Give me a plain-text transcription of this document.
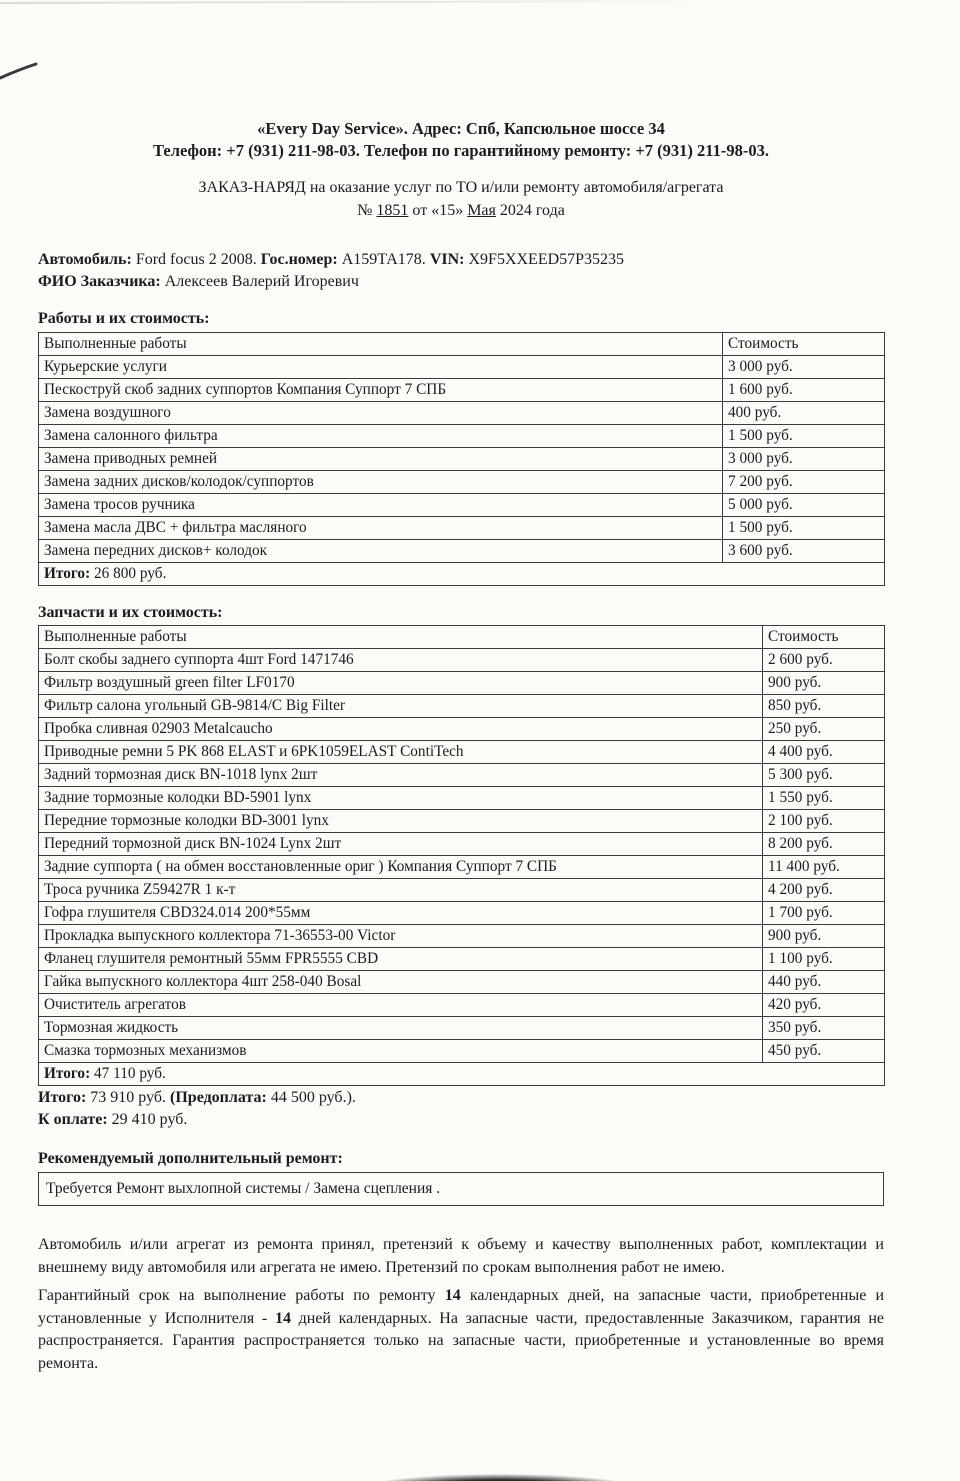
«Every Day Service». Адрес: Спб, Капсюльное шоссе 34
Телефон: +7 (931) 211-98-03. Телефон по гарантийному ремонту: +7 (931) 211-98-03.
ЗАКАЗ-НАРЯД на оказание услуг по ТО и/или ремонту автомобиля/агрегата
№ 1851 от «15» Мая 2024 года
Автомобиль: Ford focus 2 2008. Гос.номер: А159ТА178. VIN: X9F5XXEED57P35235
ФИО Заказчика: Алексеев Валерий Игоревич
Работы и их стоимость:
Выполненные работы	Стоимость
Курьерские услуги	3 000 руб.
Пескоструй скоб задних суппортов Компания Суппорт 7 СПБ	1 600 руб.
Замена воздушного	400 руб.
Замена салонного фильтра	1 500 руб.
Замена приводных ремней	3 000 руб.
Замена задних дисков/колодок/суппортов	7 200 руб.
Замена тросов ручника	5 000 руб.
Замена масла ДВС + фильтра масляного	1 500 руб.
Замена передних дисков+ колодок	3 600 руб.
Итого: 26 800 руб.	
Запчасти и их стоимость:
Выполненные работы	Стоимость
Болт скобы заднего суппорта 4шт Ford 1471746	2 600 руб.
Фильтр воздушный green filter LF0170	900 руб.
Фильтр салона угольный GB-9814/C Big Filter	850 руб.
Пробка сливная 02903 Metalcaucho	250 руб.
Приводные ремни 5 PK 868 ELAST и 6PK1059ELAST ContiTech	4 400 руб.
Задний тормозная диск BN-1018 lynx 2шт	5 300 руб.
Задние тормозные колодки BD-5901 lynx	1 550 руб.
Передние тормозные колодки BD-3001 lynx	2 100 руб.
Передний тормозной диск BN-1024 Lynx 2шт	8 200 руб.
Задние суппорта ( на обмен восстановленные ориг ) Компания Суппорт 7 СПБ	11 400 руб.
Троса ручника Z59427R 1 к-т	4 200 руб.
Гофра глушителя CBD324.014 200*55мм	1 700 руб.
Прокладка выпускного коллектора 71-36553-00 Victor	900 руб.
Фланец глушителя ремонтный 55мм FPR5555 CBD	1 100 руб.
Гайка выпускного коллектора 4шт 258-040 Bosal	440 руб.
Очиститель агрегатов	420 руб.
Тормозная жидкость	350 руб.
Смазка тормозных механизмов	450 руб.
Итого: 47 110 руб.	
Итого: 73 910 руб. (Предоплата: 44 500 руб.).
К оплате: 29 410 руб.
Рекомендуемый дополнительный ремонт:
Требуется Ремонт выхлопной системы / Замена сцепления .
Автомобиль и/или агрегат из ремонта принял, претензий к объему и качеству выполненных работ, комплектации и внешнему виду автомобиля или агрегата не имею. Претензий по срокам выполнения работ не имею.
Гарантийный срок на выполнение работы по ремонту 14 календарных дней, на запасные части, приобретенные и установленные у Исполнителя - 14 дней календарных. На запасные части, предоставленные Заказчиком, гарантия не распространяется. Гарантия распространяется только на запасные части, приобретенные и установленные во время ремонта.
